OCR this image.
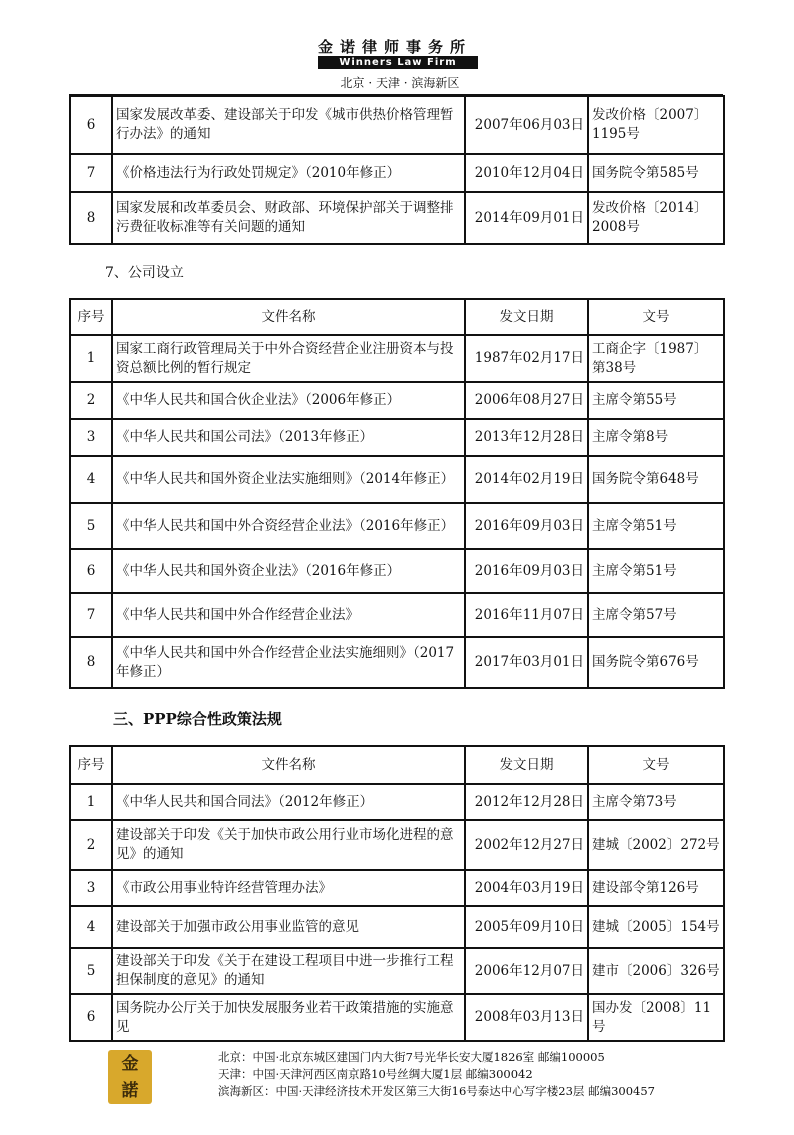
金诺律师事务所
Winners Law Firm
北京 · 天津 · 滨海新区
6	国家发展改革委、建设部关于印发《城市供热价格管理暂行办法》的通知	2007年06月03日	发改价格〔2007〕1195号
7	《价格违法行为行政处罚规定》（2010年修正）	2010年12月04日	国务院令第585号
8	国家发展和改革委员会、财政部、环境保护部关于调整排污费征收标准等有关问题的通知	2014年09月01日	发改价格〔2014〕2008号
7、公司设立
序号	文件名称	发文日期	文号
1	国家工商行政管理局关于中外合资经营企业注册资本与投资总额比例的暂行规定	1987年02月17日	工商企字〔1987〕第38号
2	《中华人民共和国合伙企业法》（2006年修正）	2006年08月27日	主席令第55号
3	《中华人民共和国公司法》（2013年修正）	2013年12月28日	主席令第8号
4	《中华人民共和国外资企业法实施细则》（2014年修正）	2014年02月19日	国务院令第648号
5	《中华人民共和国中外合资经营企业法》（2016年修正）	2016年09月03日	主席令第51号
6	《中华人民共和国外资企业法》（2016年修正）	2016年09月03日	主席令第51号
7	《中华人民共和国中外合作经营企业法》	2016年11月07日	主席令第57号
8	《中华人民共和国中外合作经营企业法实施细则》（2017年修正）	2017年03月01日	国务院令第676号
三、PPP综合性政策法规
序号	文件名称	发文日期	文号
1	《中华人民共和国合同法》（2012年修正）	2012年12月28日	主席令第73号
2	建设部关于印发《关于加快市政公用行业市场化进程的意见》的通知	2002年12月27日	建城〔2002〕272号
3	《市政公用事业特许经营管理办法》	2004年03月19日	建设部令第126号
4	建设部关于加强市政公用事业监管的意见	2005年09月10日	建城〔2005〕154号
5	建设部关于印发《关于在建设工程项目中进一步推行工程担保制度的意见》的通知	2006年12月07日	建市〔2006〕326号
6	国务院办公厅关于加快发展服务业若干政策措施的实施意见	2008年03月13日	国办发〔2008〕11号
金
諾
北京：中国·北京东城区建国门内大街7号光华长安大厦1826室 邮编100005
天津：中国·天津河西区南京路10号丝绸大厦1层 邮编300042
滨海新区：中国·天津经济技术开发区第三大街16号泰达中心写字楼23层 邮编300457
